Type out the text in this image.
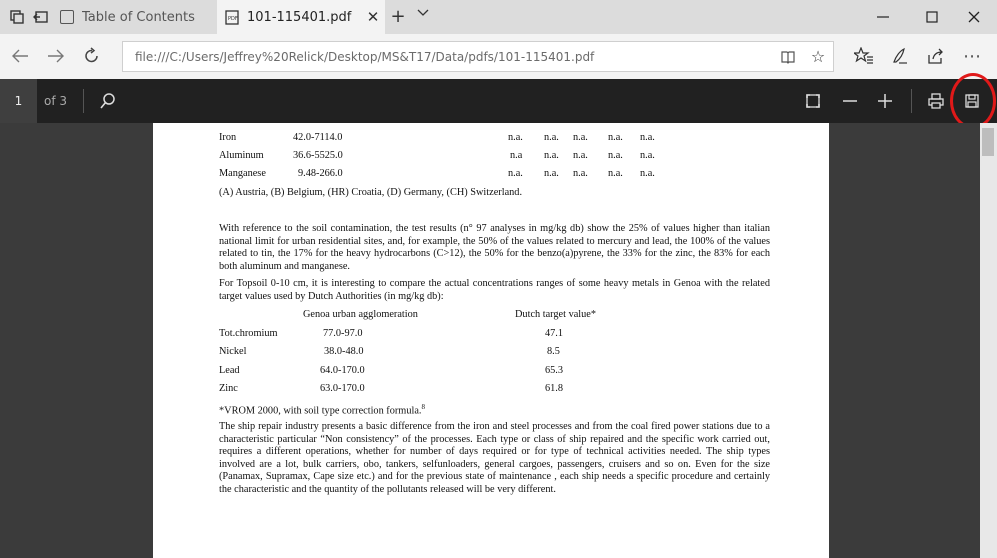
Table of Contents	PDF 101-115401.pdf	✕ +
file:///C:/Users/Jeffrey%20Relick/Desktop/MS&T17/Data/pdfs/101-115401.pdf	☆	⋯
1	of 3
Iron	42.0-7114.0	n.a. n.a. n.a. n.a. n.a.
Aluminum	36.6-5525.0	n.a n.a. n.a. n.a. n.a.
Manganese	9.48-266.0	n.a. n.a. n.a. n.a. n.a.
(A) Austria, (B) Belgium, (HR) Croatia, (D) Germany, (CH) Switzerland.
With reference to the soil contamination, the test results (n° 97 analyses in mg/kg db) show the 25% of values higher than italian national limit for urban residential sites, and, for example, the 50% of the values related to mercury and lead, the 100% of the values related to tin, the 17% for the heavy hydrocarbons (C>12), the 50% for the benzo(a)pyrene, the 33% for the zinc, the 83% for each both aluminum and manganese.
For Topsoil 0-10 cm, it is interesting to compare the actual concentrations ranges of some heavy metals in Genoa with the related target values used by Dutch Authorities (in mg/kg db):
Genoa urban agglomeration	Dutch target value*
Tot.chromium	77.0-97.0	47.1
Nickel	38.0-48.0	8.5
Lead	64.0-170.0	65.3
Zinc	63.0-170.0	61.8
*VROM 2000, with soil type correction formula.$^8$
The ship repair industry presents a basic difference from the iron and steel processes and from the coal fired power stations due to a characteristic particular “Non consistency” of the processes. Each type or class of ship repaired and the specific work carried out, requires a different operations, whether for number of days required or for type of technical activities needed. The ship types involved are a lot, bulk carriers, obo, tankers, selfunloaders, general cargoes, passengers, cruisers and so on. Even for the size (Panamax, Supramax, Cape size etc.) and for the previous state of maintenance , each ship needs a specific procedure and certainly the characteristic and the quantity of the pollutants released will be very different.
